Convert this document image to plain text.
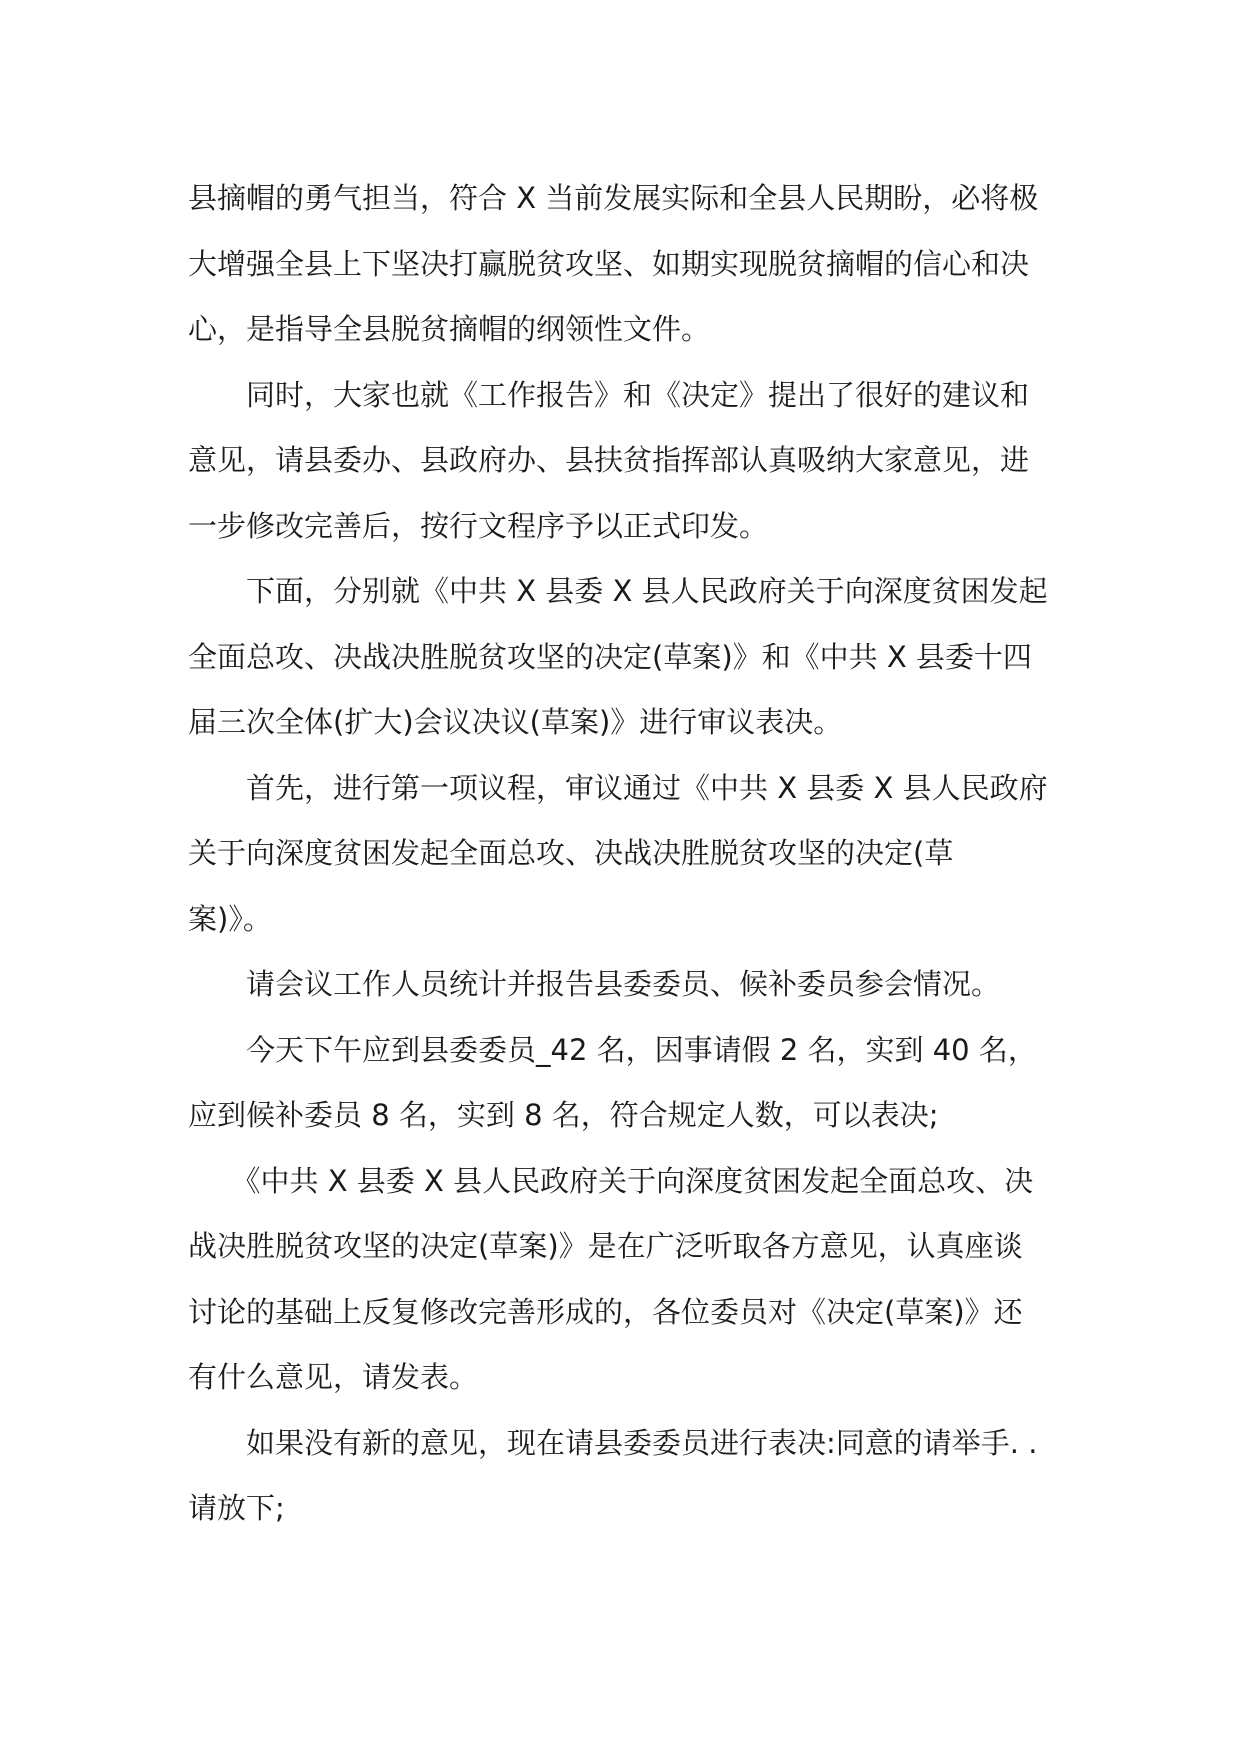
县摘帽的勇气担当，符合 X 当前发展实际和全县人民期盼，必将极
大增强全县上下坚决打赢脱贫攻坚、如期实现脱贫摘帽的信心和决
心，是指导全县脱贫摘帽的纲领性文件。
　　同时，大家也就《工作报告》和《决定》提出了很好的建议和
意见，请县委办、县政府办、县扶贫指挥部认真吸纳大家意见，进
一步修改完善后，按行文程序予以正式印发。
　　下面，分别就《中共 X 县委 X 县人民政府关于向深度贫困发起
全面总攻、决战决胜脱贫攻坚的决定(草案)》和《中共 X 县委十四
届三次全体(扩大)会议决议(草案)》进行审议表决。
　　首先，进行第一项议程，审议通过《中共 X 县委 X 县人民政府
关于向深度贫困发起全面总攻、决战决胜脱贫攻坚的决定(草
案)》。
　　请会议工作人员统计并报告县委委员、候补委员参会情况。
　　今天下午应到县委委员_42 名，因事请假 2 名，实到 40 名，
应到候补委员 8 名，实到 8 名，符合规定人数，可以表决;
　　《中共 X 县委 X 县人民政府关于向深度贫困发起全面总攻、决
战决胜脱贫攻坚的决定(草案)》是在广泛听取各方意见，认真座谈
讨论的基础上反复修改完善形成的，各位委员对《决定(草案)》还
有什么意见，请发表。
　　如果没有新的意见，现在请县委委员进行表决:同意的请举手. .
请放下;
